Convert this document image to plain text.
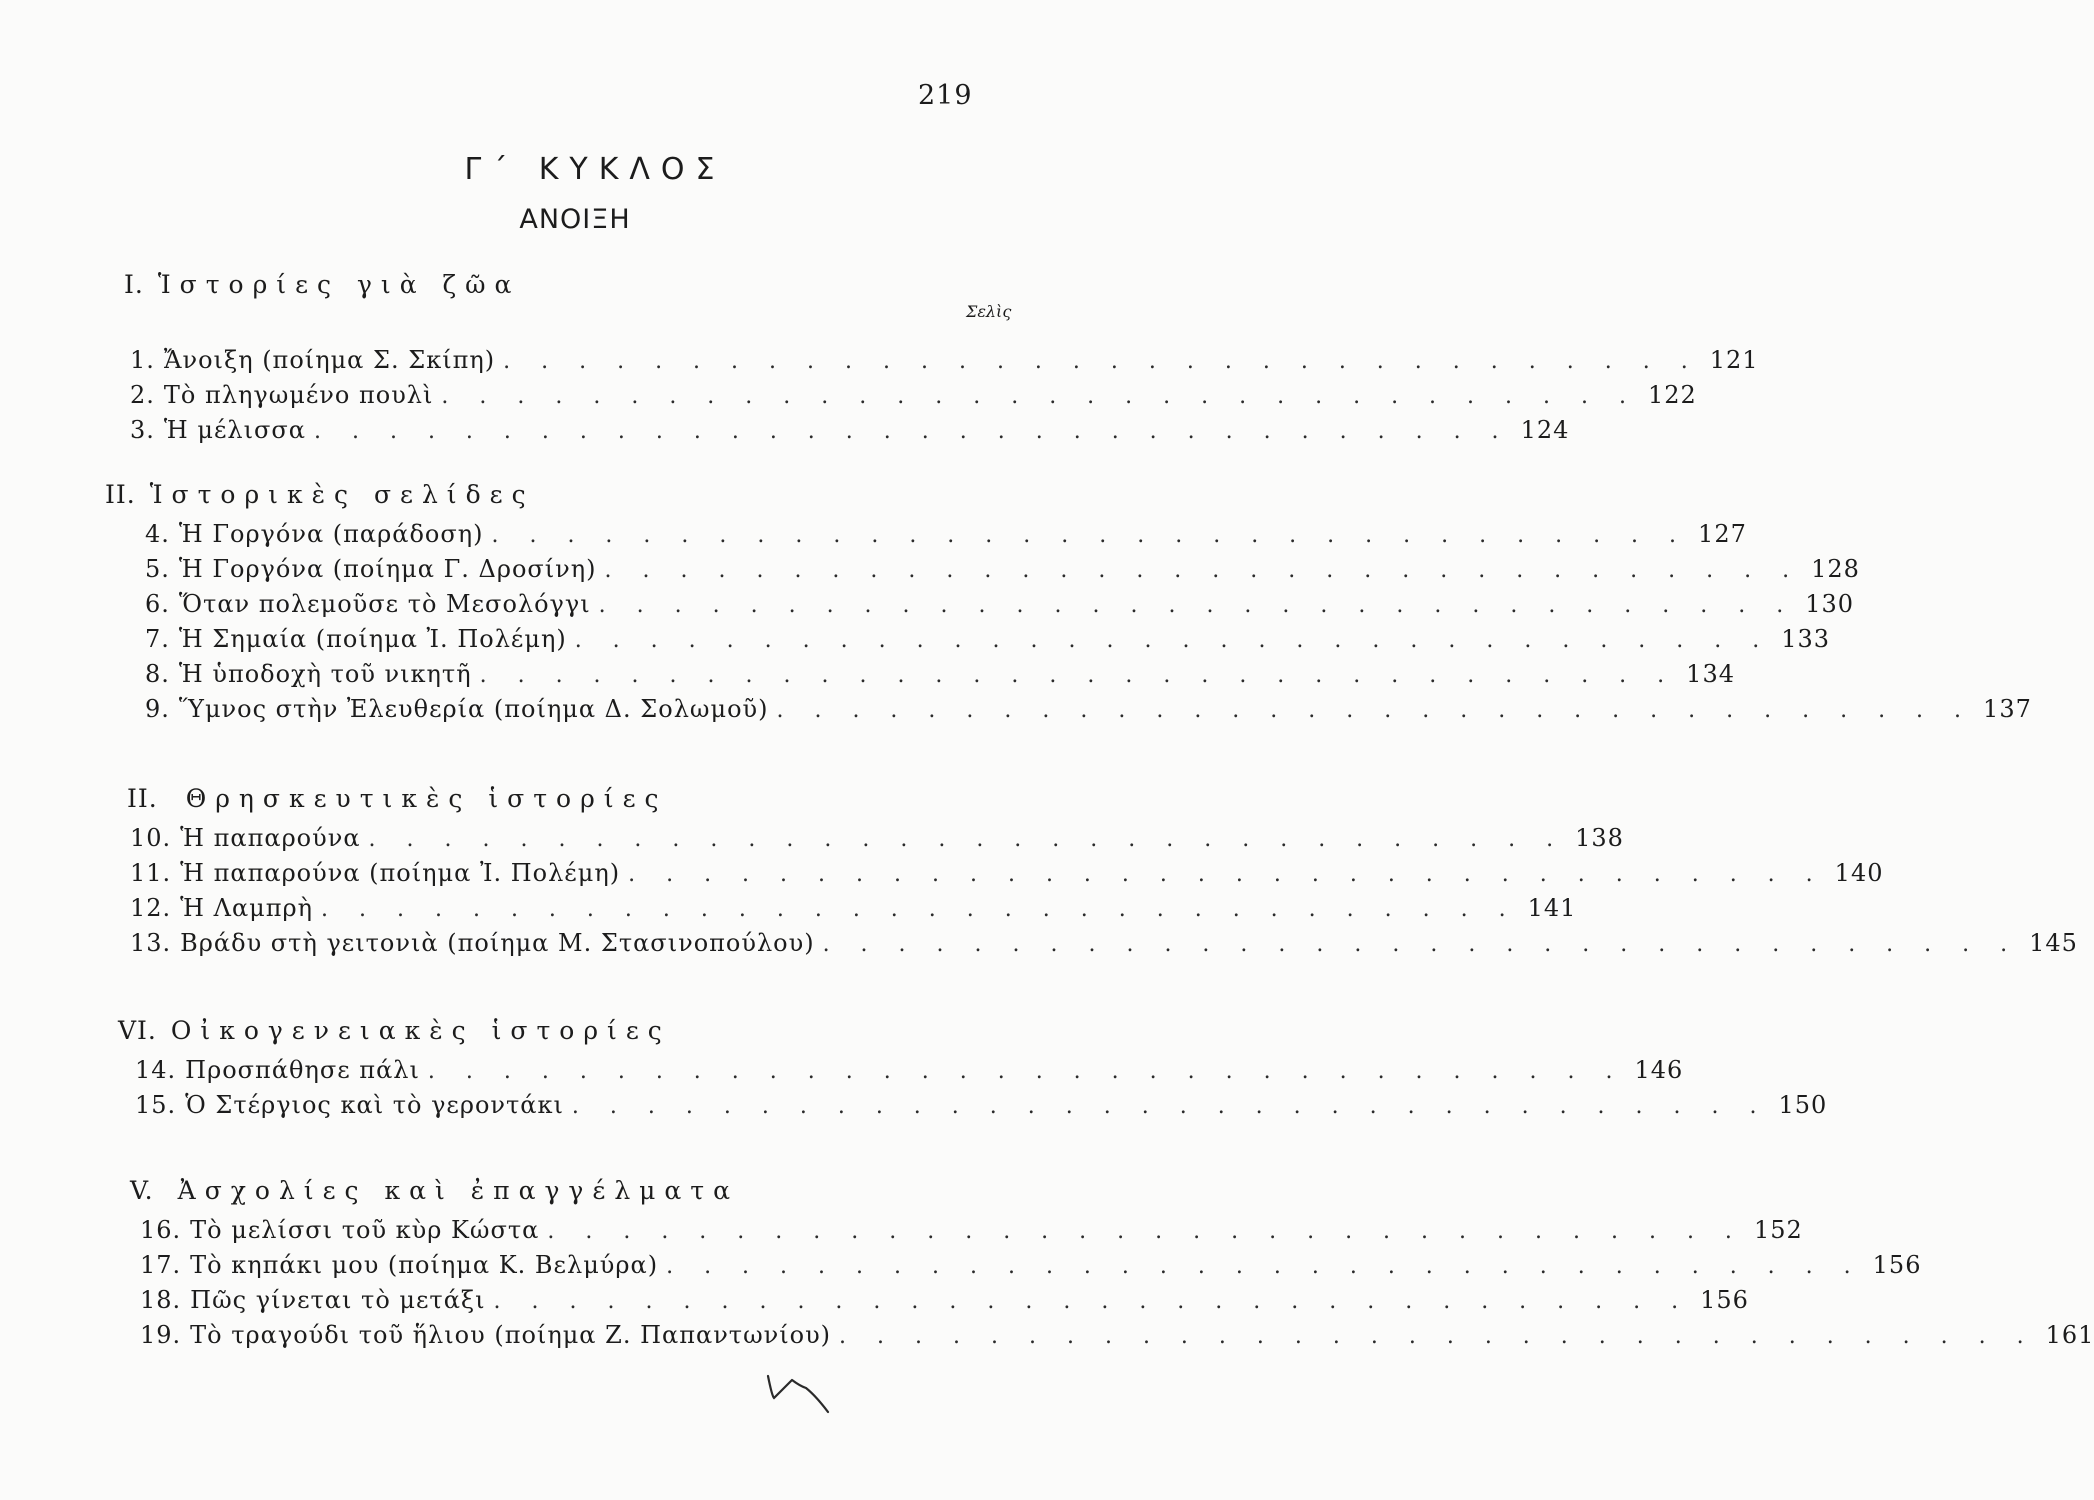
219
Γ΄ ΚΥΚΛΟΣ
ΑΝΟΙΞΗ
Σελὶς
I. Ἱστορίες γιὰ ζῶα
1. Ἄνοιξη (ποίημα Σ. Σκίπη) . . . . . . . . . . . . . . . . . . . . . . . . . . . . . . . . 121
2. Τὸ πληγωμένο πουλὶ . . . . . . . . . . . . . . . . . . . . . . . . . . . . . . . . 122
3. Ἡ μέλισσα . . . . . . . . . . . . . . . . . . . . . . . . . . . . . . . . 124
II. Ἱστορικὲς σελίδες
4. Ἡ Γοργόνα (παράδοση) . . . . . . . . . . . . . . . . . . . . . . . . . . . . . . . . 127
5. Ἡ Γοργόνα (ποίημα Γ. Δροσίνη) . . . . . . . . . . . . . . . . . . . . . . . . . . . . . . . . 128
6. Ὅταν πολεμοῦσε τὸ Μεσολόγγι . . . . . . . . . . . . . . . . . . . . . . . . . . . . . . . . 130
7. Ἡ Σημαία (ποίημα Ἰ. Πολέμη) . . . . . . . . . . . . . . . . . . . . . . . . . . . . . . . . 133
8. Ἡ ὑποδοχὴ τοῦ νικητῆ . . . . . . . . . . . . . . . . . . . . . . . . . . . . . . . . 134
9. Ὕμνος στὴν Ἐλευθερία (ποίημα Δ. Σολωμοῦ) . . . . . . . . . . . . . . . . . . . . . . . . . . . . . . . . 137
II. Θρησκευτικὲς ἱστορίες
10. Ἡ παπαρούνα . . . . . . . . . . . . . . . . . . . . . . . . . . . . . . . . 138
11. Ἡ παπαρούνα (ποίημα Ἰ. Πολέμη) . . . . . . . . . . . . . . . . . . . . . . . . . . . . . . . . 140
12. Ἡ Λαμπρὴ . . . . . . . . . . . . . . . . . . . . . . . . . . . . . . . . 141
13. Βράδυ στὴ γειτονιὰ (ποίημα Μ. Στασινοπούλου) . . . . . . . . . . . . . . . . . . . . . . . . . . . . . . . . 145
VI. Οἰκογενειακὲς ἱστορίες
14. Προσπάθησε πάλι . . . . . . . . . . . . . . . . . . . . . . . . . . . . . . . . 146
15. Ὁ Στέργιος καὶ τὸ γεροντάκι . . . . . . . . . . . . . . . . . . . . . . . . . . . . . . . . 150
V. Ἀσχολίες καὶ ἐπαγγέλματα
16. Τὸ μελίσσι τοῦ κὺρ Κώστα . . . . . . . . . . . . . . . . . . . . . . . . . . . . . . . . 152
17. Τὸ κηπάκι μου (ποίημα Κ. Βελμύρα) . . . . . . . . . . . . . . . . . . . . . . . . . . . . . . . . 156
18. Πῶς γίνεται τὸ μετάξι . . . . . . . . . . . . . . . . . . . . . . . . . . . . . . . . 156
19. Τὸ τραγούδι τοῦ ἥλιου (ποίημα Ζ. Παπαντωνίου) . . . . . . . . . . . . . . . . . . . . . . . . . . . . . . . . 161
